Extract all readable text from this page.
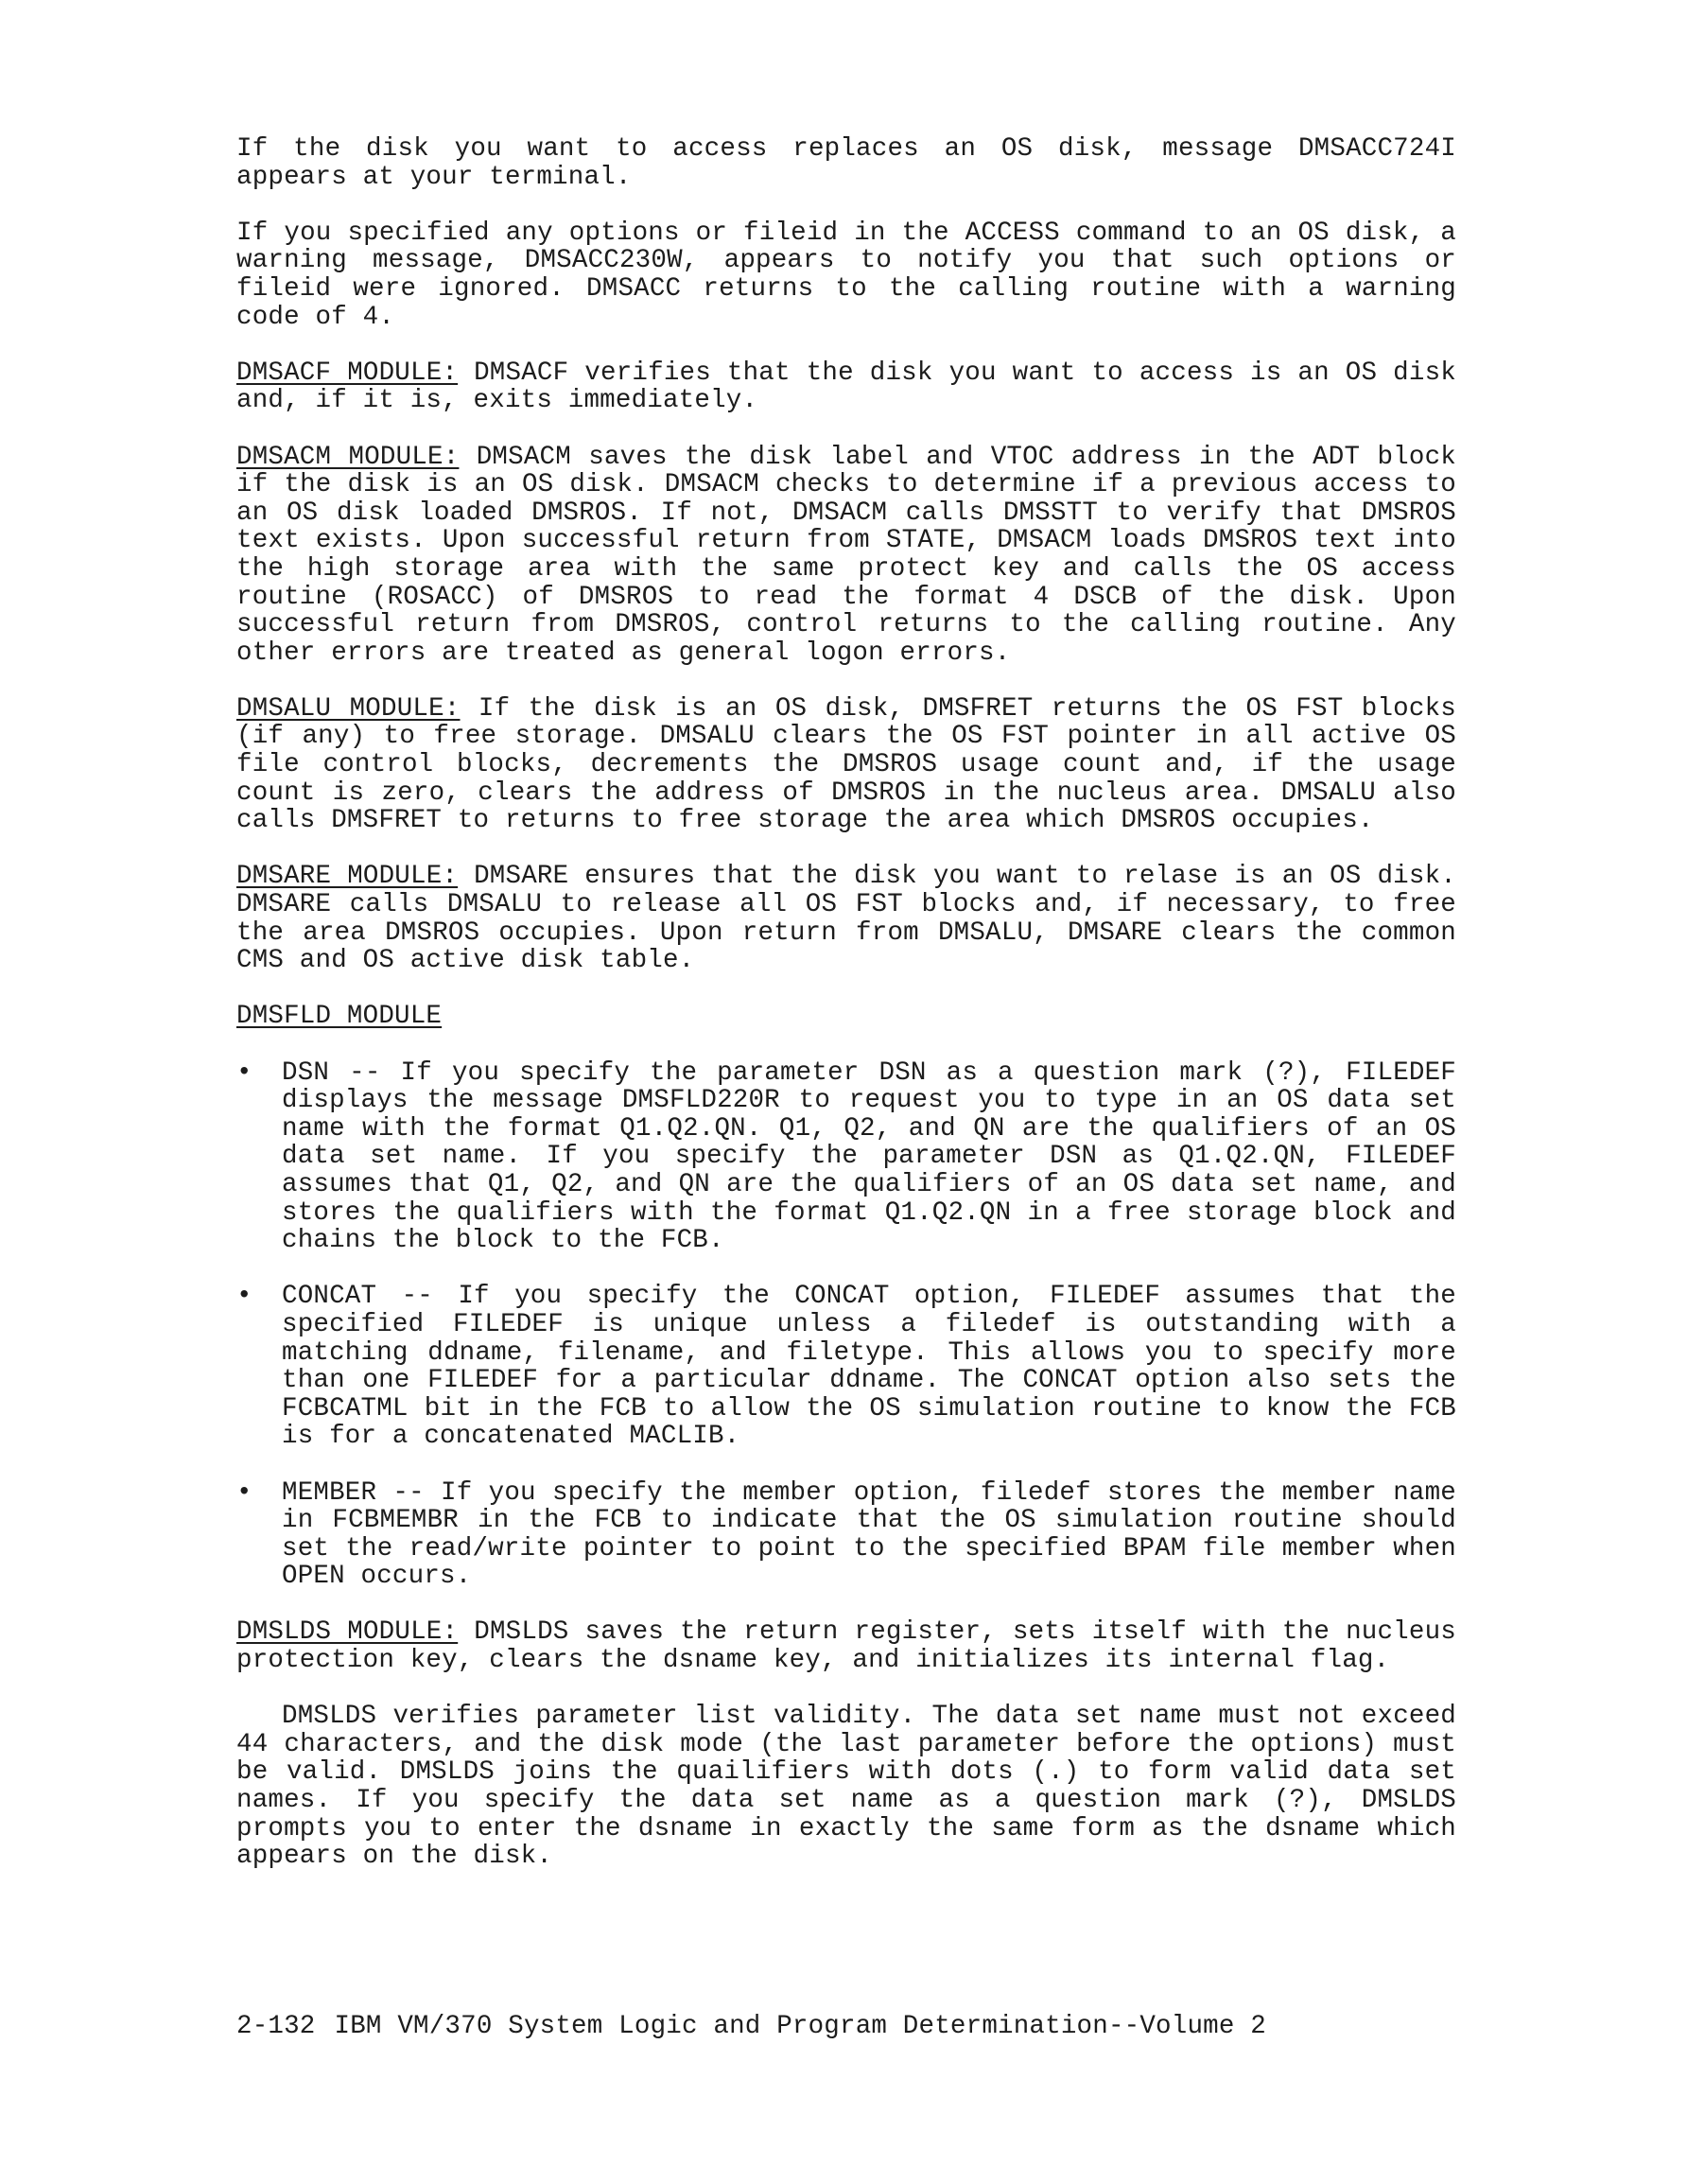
If the disk you want to access replaces an OS disk, message DMSACC724I appears at your terminal.

If you specified any options or fileid in the ACCESS command to an OS disk, a warning message, DMSACC230W, appears to notify you that such options or fileid were ignored. DMSACC returns to the calling routine with a warning code of 4.

DMSACF MODULE: DMSACF verifies that the disk you want to access is an OS disk and, if it is, exits immediately.

DMSACM MODULE: DMSACM saves the disk label and VTOC address in the ADT block if the disk is an OS disk. DMSACM checks to determine if a previous access to an OS disk loaded DMSROS. If not, DMSACM calls DMSSTT to verify that DMSROS text exists. Upon successful return from STATE, DMSACM loads DMSROS text into the high storage area with the same protect key and calls the OS access routine (ROSACC) of DMSROS to read the format 4 DSCB of the disk. Upon successful return from DMSROS, control returns to the calling routine. Any other errors are treated as general logon errors.

DMSALU MODULE: If the disk is an OS disk, DMSFRET returns the OS FST blocks (if any) to free storage. DMSALU clears the OS FST pointer in all active OS file control blocks, decrements the DMSROS usage count and, if the usage count is zero, clears the address of DMSROS in the nucleus area. DMSALU also calls DMSFRET to returns to free storage the area which DMSROS occupies.

DMSARE MODULE: DMSARE ensures that the disk you want to relase is an OS disk. DMSARE calls DMSALU to release all OS FST blocks and, if necessary, to free the area DMSROS occupies. Upon return from DMSALU, DMSARE clears the common CMS and OS active disk table.

DMSFLD MODULE

• DSN -- If you specify the parameter DSN as a question mark (?), FILEDEF displays the message DMSFLD220R to request you to type in an OS data set name with the format Q1.Q2.QN. Q1, Q2, and QN are the qualifiers of an OS data set name. If you specify the parameter DSN as Q1.Q2.QN, FILEDEF assumes that Q1, Q2, and QN are the qualifiers of an OS data set name, and stores the qualifiers with the format Q1.Q2.QN in a free storage block and chains the block to the FCB.
• CONCAT -- If you specify the CONCAT option, FILEDEF assumes that the specified FILEDEF is unique unless a filedef is outstanding with a matching ddname, filename, and filetype. This allows you to specify more than one FILEDEF for a particular ddname. The CONCAT option also sets the FCBCATML bit in the FCB to allow the OS simulation routine to know the FCB is for a concatenated MACLIB.
• MEMBER -- If you specify the member option, filedef stores the member name in FCBMEMBR in the FCB to indicate that the OS simulation routine should set the read/write pointer to point to the specified BPAM file member when OPEN occurs.

DMSLDS MODULE: DMSLDS saves the return register, sets itself with the nucleus protection key, clears the dsname key, and initializes its internal flag.

DMSLDS verifies parameter list validity. The data set name must not exceed 44 characters, and the disk mode (the last parameter before the options) must be valid. DMSLDS joins the quailifiers with dots (.) to form valid data set names. If you specify the data set name as a question mark (?), DMSLDS prompts you to enter the dsname in exactly the same form as the dsname which appears on the disk.

2-132 IBM VM/370 System Logic and Program Determination--Volume 2
